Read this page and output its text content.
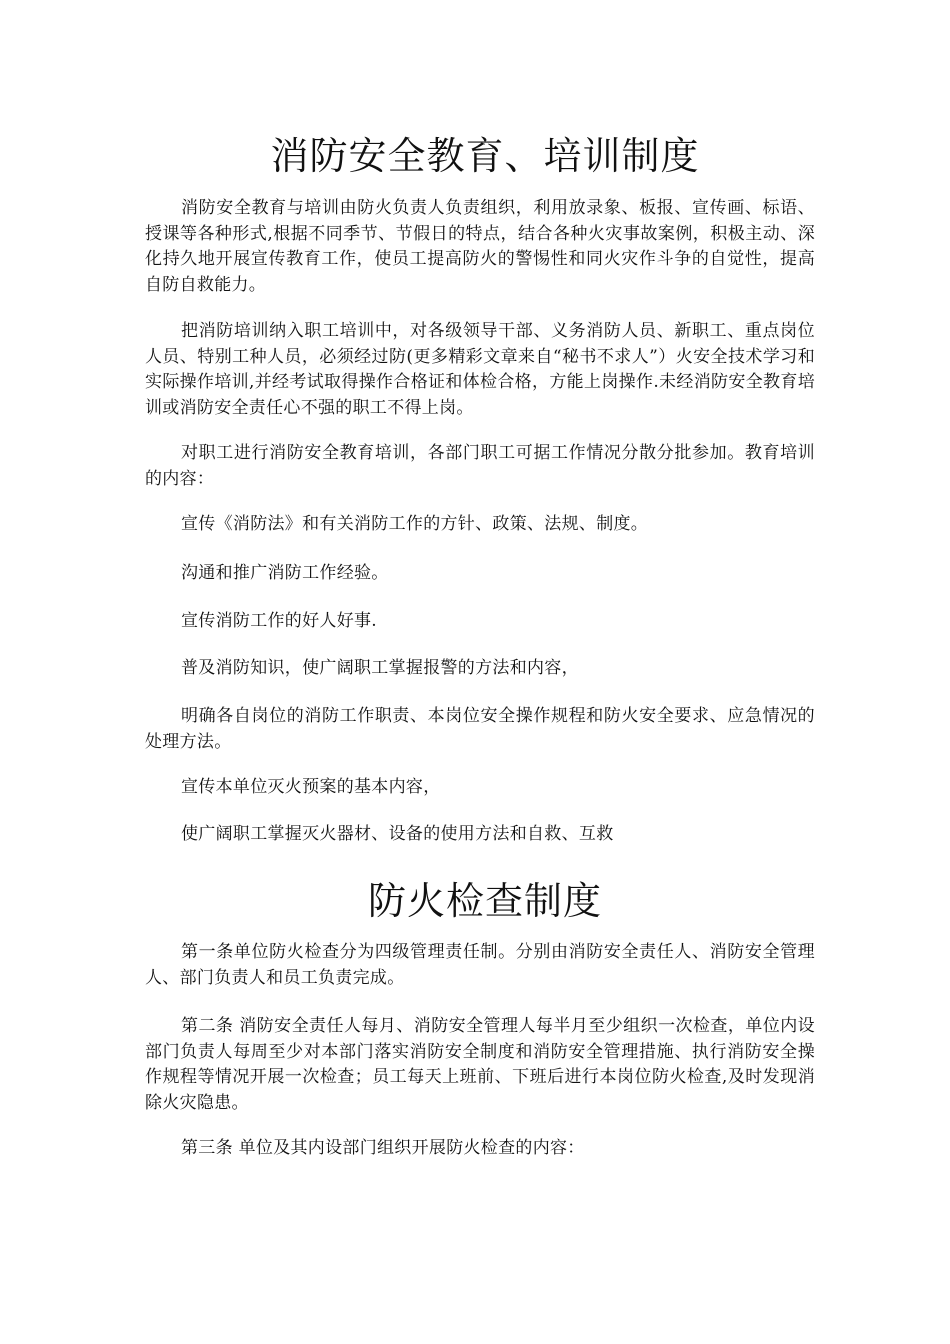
消防安全教育、培训制度

消防安全教育与培训由防火负责人负责组织，利用放录象、板报、宣传画、标语、授课等各种形式,根据不同季节、节假日的特点，结合各种火灾事故案例，积极主动、深化持久地开展宣传教育工作，使员工提高防火的警惕性和同火灾作斗争的自觉性，提高自防自救能力。

把消防培训纳入职工培训中，对各级领导干部、义务消防人员、新职工、重点岗位人员、特别工种人员，必须经过防(更多精彩文章来自“秘书不求人”）火安全技术学习和实际操作培训,并经考试取得操作合格证和体检合格，方能上岗操作.未经消防安全教育培训或消防安全责任心不强的职工不得上岗。

对职工进行消防安全教育培训，各部门职工可据工作情况分散分批参加。教育培训的内容：

宣传《消防法》和有关消防工作的方针、政策、法规、制度。

沟通和推广消防工作经验。

宣传消防工作的好人好事.

普及消防知识，使广阔职工掌握报警的方法和内容，

明确各自岗位的消防工作职责、本岗位安全操作规程和防火安全要求、应急情况的处理方法。

宣传本单位灭火预案的基本内容，

使广阔职工掌握灭火器材、设备的使用方法和自救、互救

防火检查制度

第一条单位防火检查分为四级管理责任制。分别由消防安全责任人、消防安全管理人、部门负责人和员工负责完成。

第二条 消防安全责任人每月、消防安全管理人每半月至少组织一次检查，单位内设部门负责人每周至少对本部门落实消防安全制度和消防安全管理措施、执行消防安全操作规程等情况开展一次检查；员工每天上班前、下班后进行本岗位防火检查,及时发现消除火灾隐患。

第三条 单位及其内设部门组织开展防火检查的内容：
